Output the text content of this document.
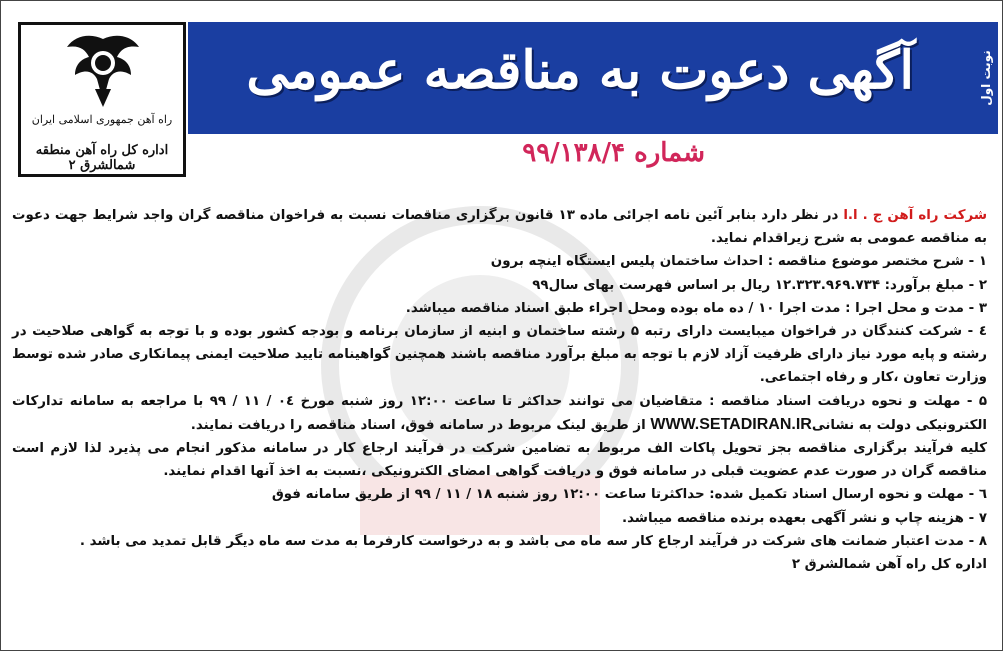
راه آهن جمهوری اسلامی ایران
اداره کل راه آهن منطقه شمالشرق ۲
آگهی دعوت به مناقصه عمومی	نوبت اول
شماره ۹۹/۱۳۸/۴

شرکت راه آهن ج . ا.ا در نظر دارد بنابر آئین نامه اجرائی ماده ۱۳ قانون برگزاری مناقصات نسبت به فراخوان مناقصه گران واجد شرایط جهت دعوت به مناقصه عمومی به شرح زیراقدام نماید.

۱ - شرح مختصر موضوع مناقصه : احداث ساختمان پلیس ایستگاه اینچه برون

۲ - مبلغ برآورد: ۱۲.۳۲۳.۹۶۹.۷۳۴ ریال بر اساس فهرست بهای سال۹۹

۳ - مدت و محل اجرا : مدت اجرا ۱۰ / ده ماه بوده ومحل اجراء طبق اسناد مناقصه میباشد.

٤ - شرکت کنندگان در فراخوان میبایست دارای رتبه ۵ رشته ساختمان و ابنیه از سازمان برنامه و بودجه کشور بوده و با توجه به گواهی صلاحیت در رشته و پایه مورد نیاز دارای ظرفیت آزاد لازم با توجه به مبلغ برآورد مناقصه باشند همچنین گواهینامه تایید صلاحیت ایمنی پیمانکاری صادر شده توسط وزارت تعاون ،کار و رفاه اجتماعی.

۵ - مهلت و نحوه دریافت اسناد مناقصه : متقاضیان می توانند حداکثر تا ساعت ۱۲:۰۰ روز شنبه مورخ ۰٤ / ۱۱ / ۹۹ با مراجعه به سامانه تدارکات الکترونیکی دولت به نشانیWWW.SETADIRAN.IR از طریق لینک مربوط در سامانه فوق، اسناد مناقصه را دریافت نمایند.

کلیه فرآیند برگزاری مناقصه بجز تحویل پاکات الف مربوط به تضامین شرکت در فرآیند ارجاع کار در سامانه مذکور انجام می پذیرد لذا لازم است مناقصه گران در صورت عدم عضویت قبلی در سامانه فوق و دریافت گواهی امضای الکترونیکی ،نسبت به اخذ آنها اقدام نمایند.

٦ - مهلت و نحوه ارسال اسناد تکمیل شده: حداکثرتا ساعت ۱۲:۰۰ روز شنبه ۱۸ / ۱۱ / ۹۹ از طریق سامانه فوق

۷ - هزینه چاپ و نشر آگهی بعهده برنده مناقصه میباشد.

۸ - مدت اعتبار ضمانت های شرکت در فرآیند ارجاع کار سه ماه می باشد و به درخواست کارفرما به مدت سه ماه دیگر قابل تمدید می باشد .

اداره کل راه آهن شمالشرق ۲
